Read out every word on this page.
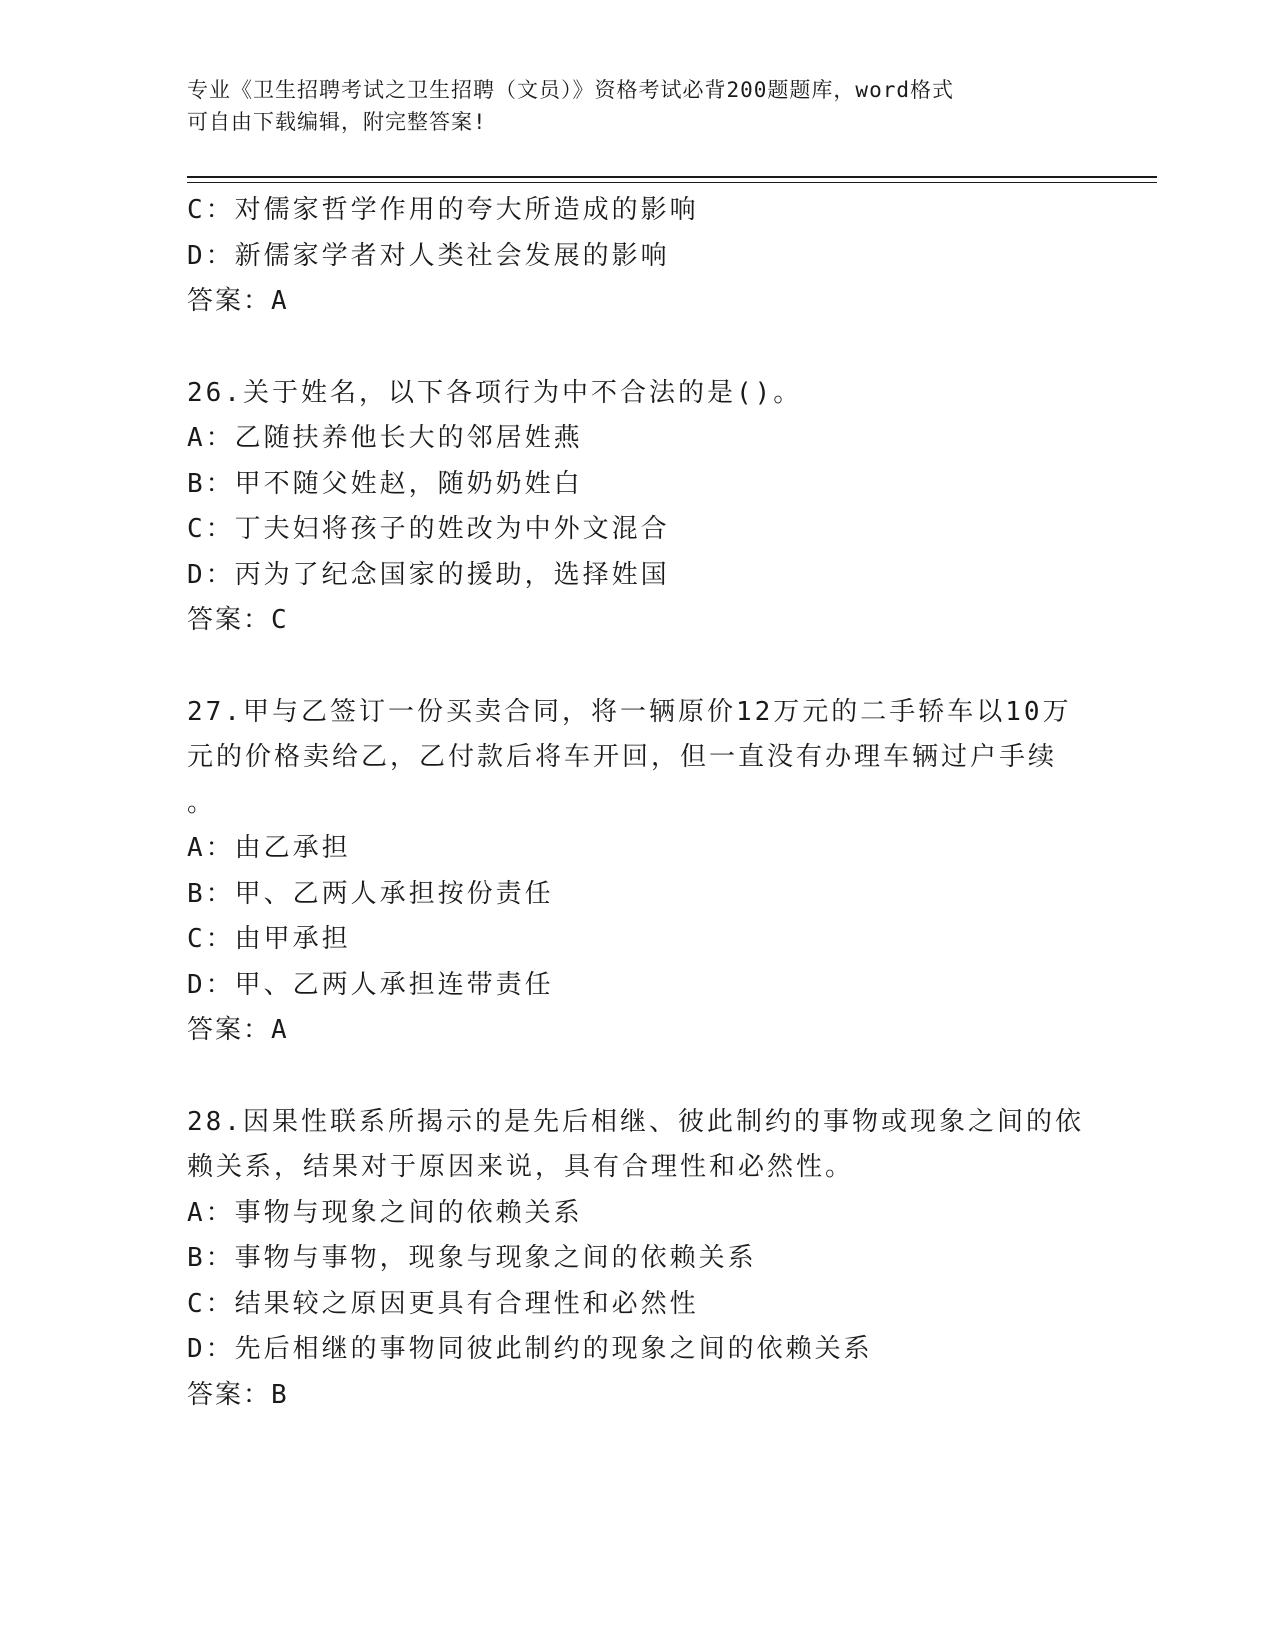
专业《卫生招聘考试之卫生招聘（文员）》资格考试必背200题题库，word格式
可自由下载编辑，附完整答案!
C：对儒家哲学作用的夸大所造成的影响
D：新儒家学者对人类社会发展的影响
答案：A
26.关于姓名，以下各项行为中不合法的是()。
A：乙随扶养他长大的邻居姓燕
B：甲不随父姓赵，随奶奶姓白
C：丁夫妇将孩子的姓改为中外文混合
D：丙为了纪念国家的援助，选择姓国
答案：C
27.甲与乙签订一份买卖合同，将一辆原价12万元的二手轿车以10万
元的价格卖给乙，乙付款后将车开回，但一直没有办理车辆过户手续
。
A：由乙承担
B：甲、乙两人承担按份责任
C：由甲承担
D：甲、乙两人承担连带责任
答案：A
28.因果性联系所揭示的是先后相继、彼此制约的事物或现象之间的依
赖关系，结果对于原因来说，具有合理性和必然性。
A：事物与现象之间的依赖关系
B：事物与事物，现象与现象之间的依赖关系
C：结果较之原因更具有合理性和必然性
D：先后相继的事物同彼此制约的现象之间的依赖关系
答案：B
